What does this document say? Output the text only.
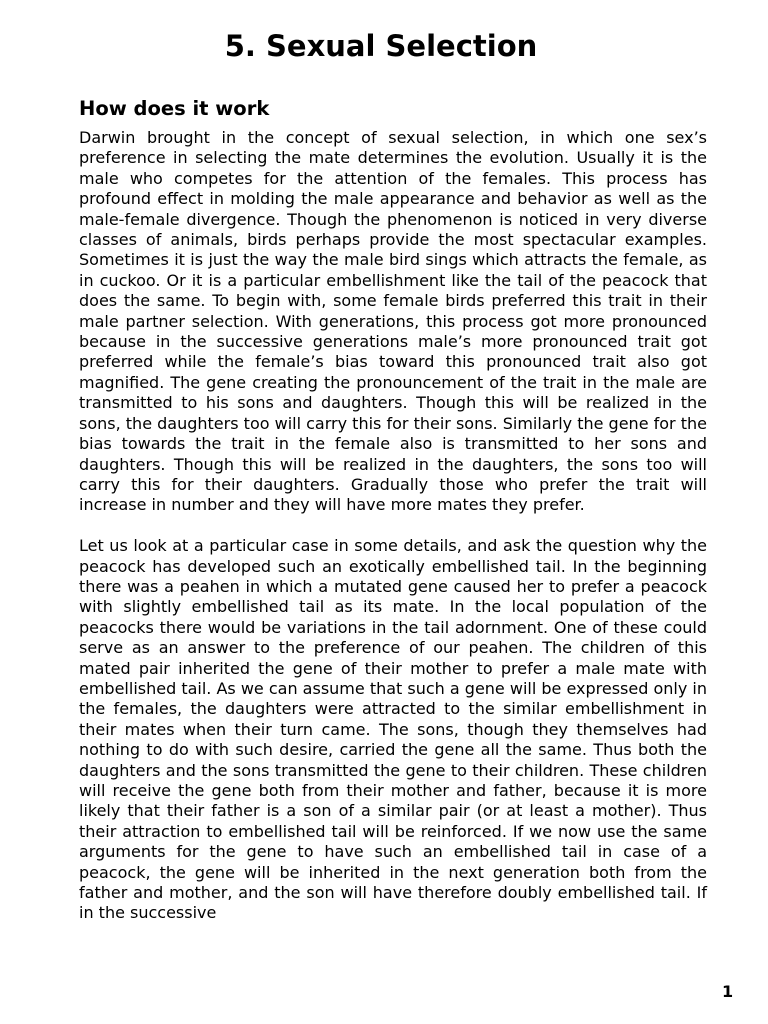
5. Sexual Selection
How does it work

Darwin brought in the concept of sexual selection, in which one sex’s preference in selecting the mate determines the evolution. Usually it is the male who competes for the attention of the females. This process has profound effect in molding the male appearance and behavior as well as the male-female divergence. Though the phenomenon is noticed in very diverse classes of animals, birds perhaps provide the most spectacular examples. Sometimes it is just the way the male bird sings which attracts the female, as in cuckoo. Or it is a particular embellishment like the tail of the peacock that does the same. To begin with, some female birds preferred this trait in their male partner selection. With generations, this process got more pronounced because in the successive generations male’s more pronounced trait got preferred while the female’s bias toward this pronounced trait also got magnified. The gene creating the pronouncement of the trait in the male are transmitted to his sons and daughters. Though this will be realized in the sons, the daughters too will carry this for their sons. Similarly the gene for the bias towards the trait in the female also is transmitted to her sons and daughters. Though this will be realized in the daughters, the sons too will carry this for their daughters. Gradually those who prefer the trait will increase in number and they will have more mates they prefer.

Let us look at a particular case in some details, and ask the question why the peacock has developed such an exotically embellished tail. In the beginning there was a peahen in which a mutated gene caused her to prefer a peacock with slightly embellished tail as its mate. In the local population of the peacocks there would be variations in the tail adornment. One of these could serve as an answer to the preference of our peahen. The children of this mated pair inherited the gene of their mother to prefer a male mate with embellished tail. As we can assume that such a gene will be expressed only in the females, the daughters were attracted to the similar embellishment in their mates when their turn came. The sons, though they themselves had nothing to do with such desire, carried the gene all the same. Thus both the daughters and the sons transmitted the gene to their children. These children will receive the gene both from their mother and father, because it is more likely that their father is a son of a similar pair (or at least a mother). Thus their attraction to embellished tail will be reinforced. If we now use the same arguments for the gene to have such an embellished tail in case of a peacock, the gene will be inherited in the next generation both from the father and mother, and the son will have therefore doubly embellished tail. If in the successive

1
